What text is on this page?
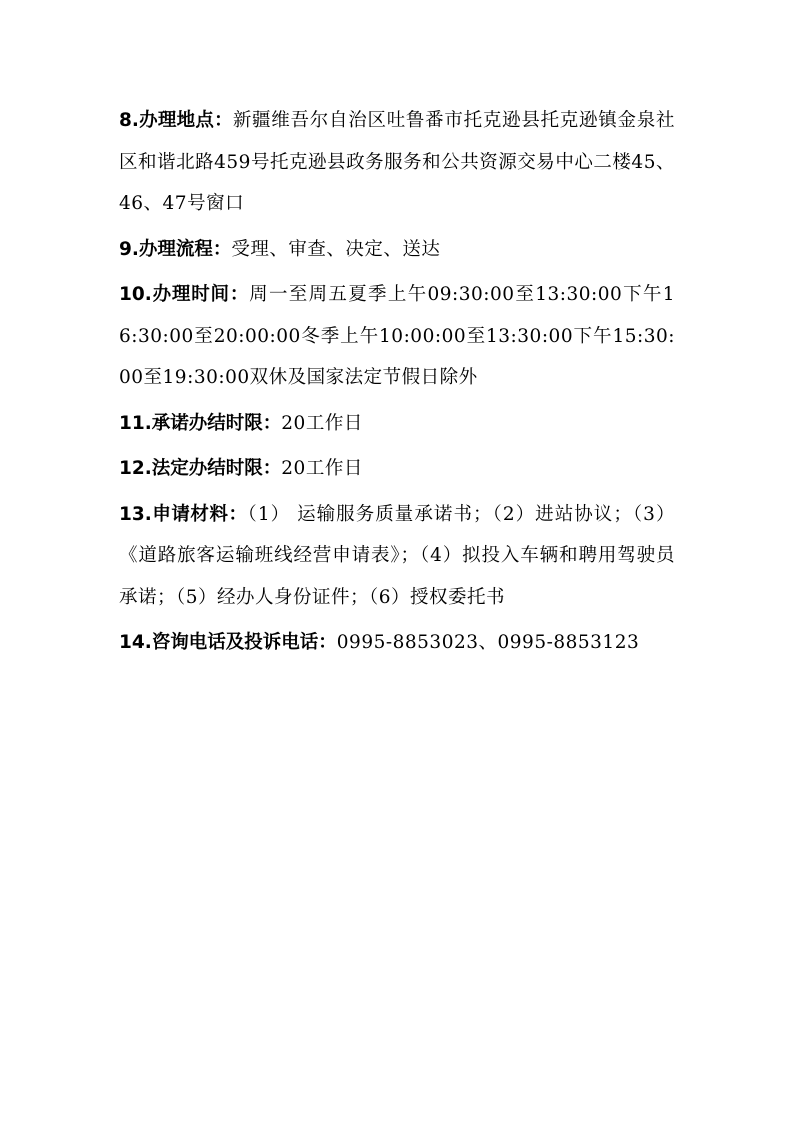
8.办理地点：新疆维吾尔自治区吐鲁番市托克逊县托克逊镇金泉社区和谐北路459号托克逊县政务服务和公共资源交易中心二楼45、46、47号窗口

9.办理流程：受理、审查、决定、送达

10.办理时间：周一至周五夏季上午09:30:00至13:30:00下午16:30:00至20:00:00冬季上午10:00:00至13:30:00下午15:30:00至19:30:00双休及国家法定节假日除外

11.承诺办结时限：20工作日

12.法定办结时限：20工作日

13.申请材料：（1） 运输服务质量承诺书；（2）进站协议；（3）《道路旅客运输班线经营申请表》；（4）拟投入车辆和聘用驾驶员承诺；（5）经办人身份证件；（6）授权委托书

14.咨询电话及投诉电话：0995-8853023、0995-8853123
